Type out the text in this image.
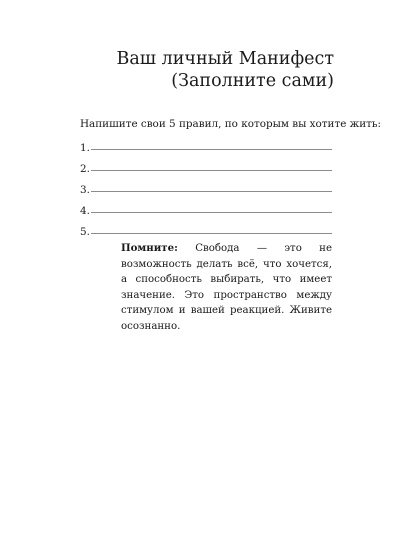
Ваш личный Манифест
(Заполните сами)

Напишите свои 5 правил, по которым вы хотите жить:

1.
2.
3.
4.
5.

Помните: Свобода — это не возможность делать всё, что хочется, а способность выбирать, что имеет значение. Это пространство между стимулом и вашей реакцией. Живите осознанно.
